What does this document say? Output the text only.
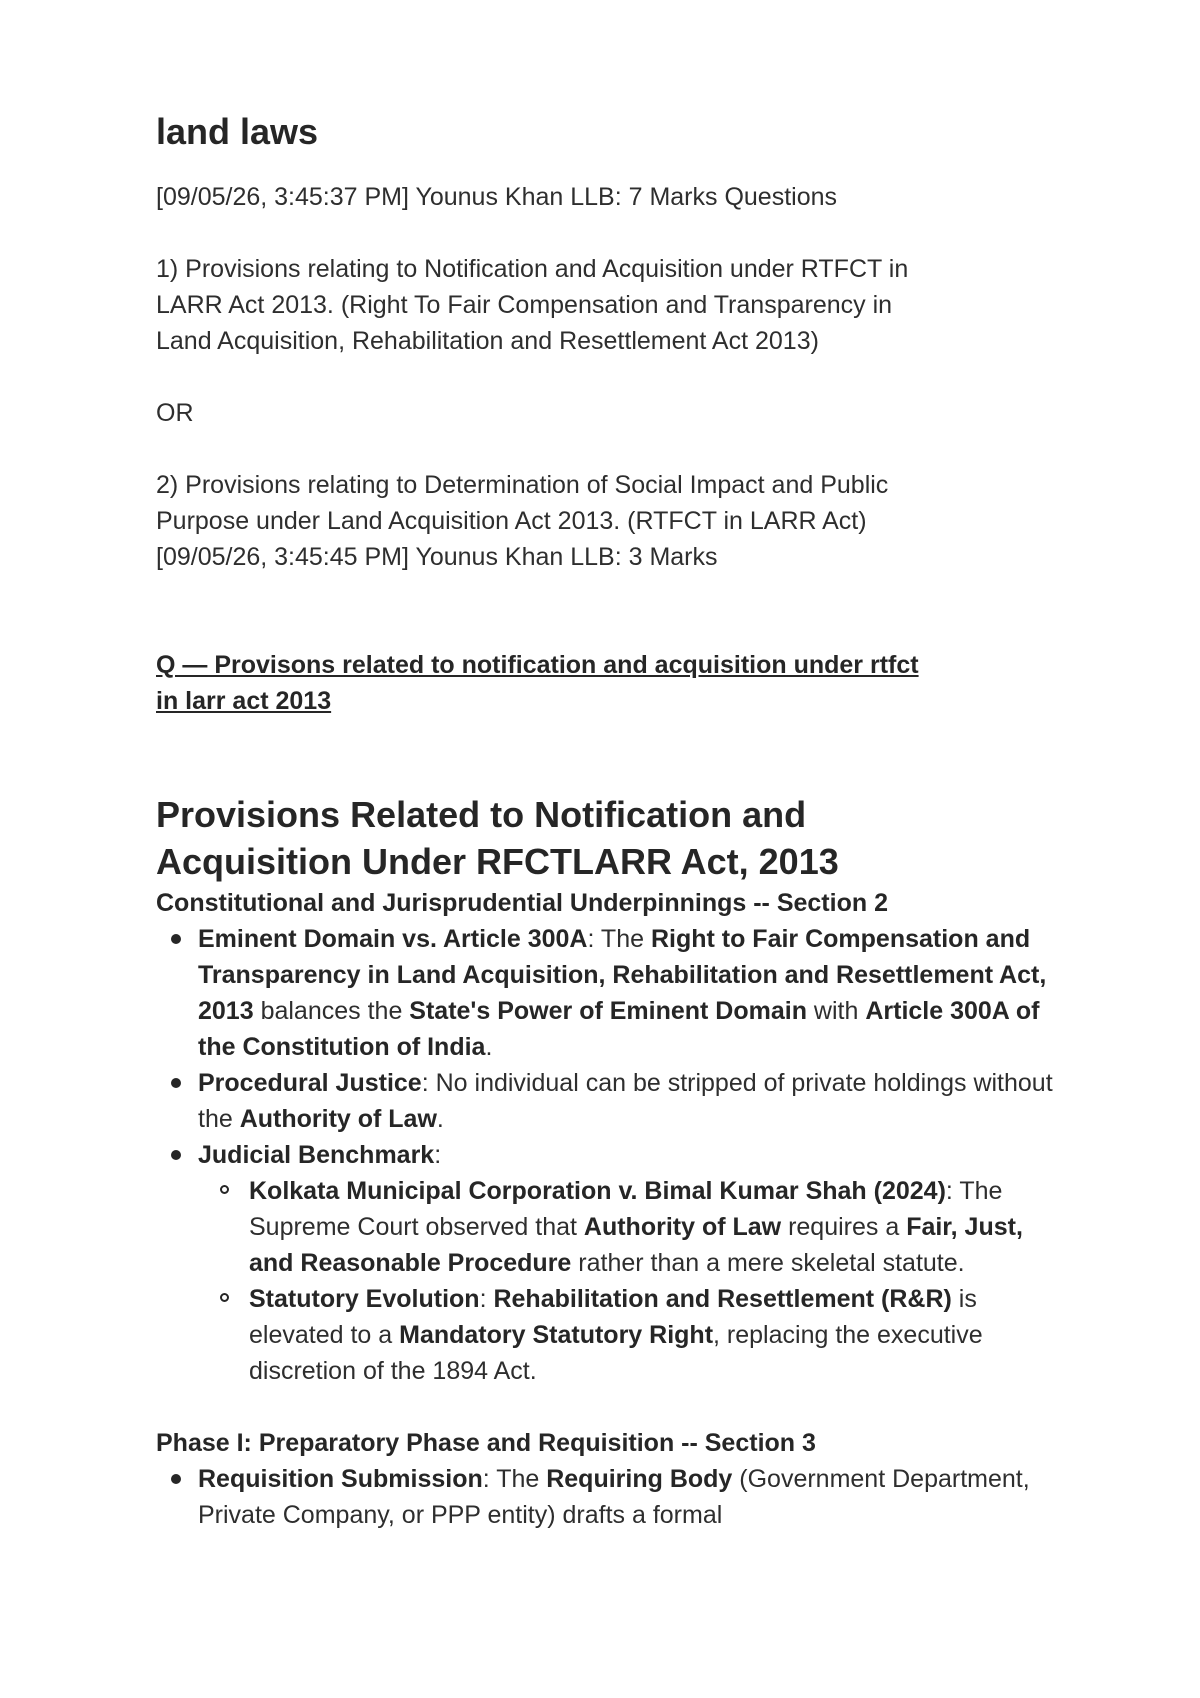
land laws

[09/05/26, 3:45:37 PM] Younus Khan LLB: 7 Marks Questions

1) Provisions relating to Notification and Acquisition under RTFCT in

LARR Act 2013. (Right To Fair Compensation and Transparency in

Land Acquisition, Rehabilitation and Resettlement Act 2013)

OR

2) Provisions relating to Determination of Social Impact and Public

Purpose under Land Acquisition Act 2013. (RTFCT in LARR Act)

[09/05/26, 3:45:45 PM] Younus Khan LLB: 3 Marks

Q — Provisons related to notification and acquisition under rtfct

in larr act 2013

Provisions Related to Notification and
Acquisition Under RFCTLARR Act, 2013

Constitutional and Jurisprudential Underpinnings -- Section 2

Eminent Domain vs. Article 300A: The Right to Fair Compensation and Transparency in Land Acquisition, Rehabilitation and Resettlement Act, 2013 balances the State's Power of Eminent Domain with Article 300A of the Constitution of India.
Procedural Justice: No individual can be stripped of private holdings without the Authority of Law.
Judicial Benchmark:
Kolkata Municipal Corporation v. Bimal Kumar Shah (2024): The Supreme Court observed that Authority of Law requires a Fair, Just, and Reasonable Procedure rather than a mere skeletal statute.
Statutory Evolution: Rehabilitation and Resettlement (R&R) is elevated to a Mandatory Statutory Right, replacing the executive discretion of the 1894 Act.

Phase I: Preparatory Phase and Requisition -- Section 3

Requisition Submission: The Requiring Body (Government Department, Private Company, or PPP entity) drafts a formal
